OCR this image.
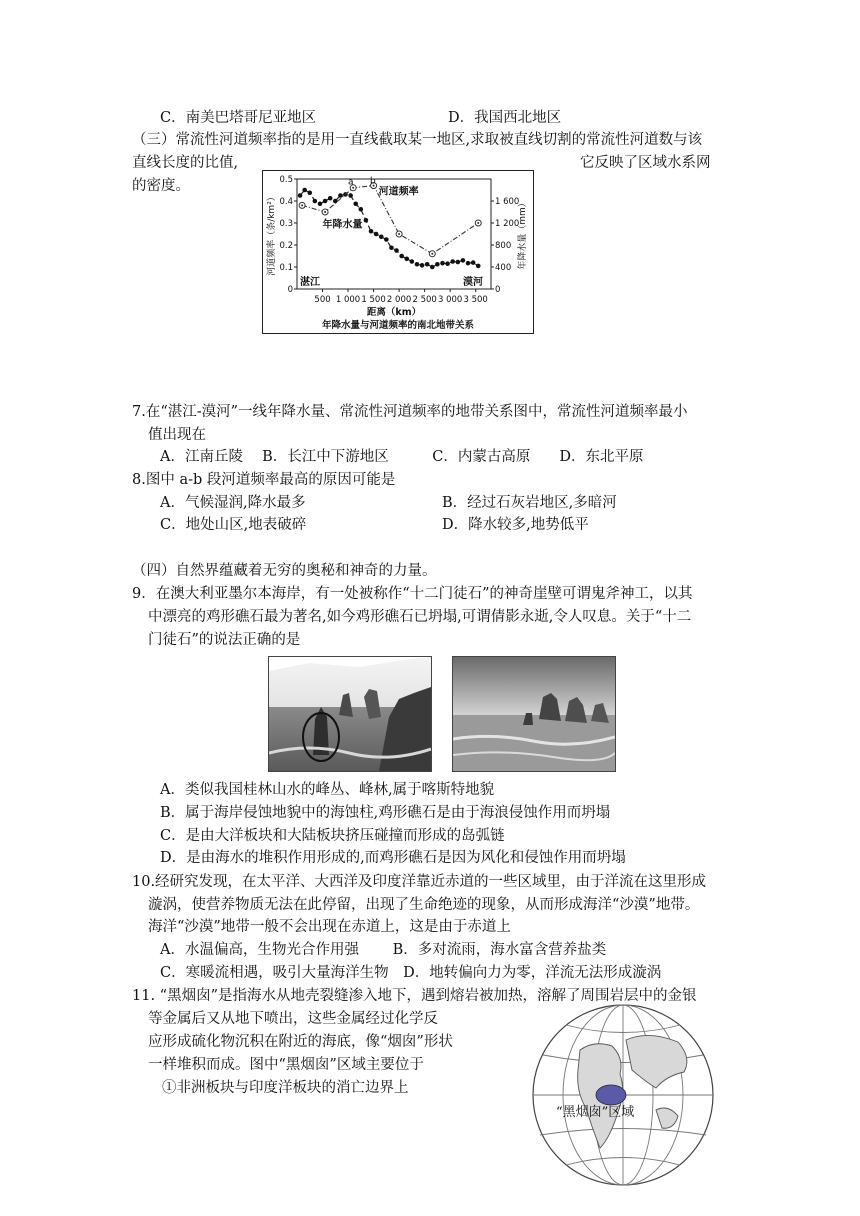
C．南美巴塔哥尼亚地区	D．我国西北地区
（三）常流性河道频率指的是用一直线截取某一地区,求取被直线切割的常流性河道数与该
直线长度的比值,	它反映了区域水系网
的密度。	0.5
0.4
0.3
0.2
0.1
0
1 600
1 200
800
400
0
500 1 000 1 500 2 000 2 500 3 000 3 500
河道频率（条/km²）	年降水量（mm）
距离（km）
年降水量与河道频率的南北地带关系
湛江	漠河
河道频率
年降水量
a b
7.在“湛江-漠河”一线年降水量、常流性河道频率的地带关系图中，常流性河道频率最小
值出现在
A．江南丘陵　 B．长江中下游地区　　　C．内蒙古高原　　D．东北平原
8.图中 a-b 段河道频率最高的原因可能是
A．气候湿润,降水最多	B．经过石灰岩地区,多暗河
C．地处山区,地表破碎	D．降水较多,地势低平
（四）自然界蕴藏着无穷的奥秘和神奇的力量。
9．在澳大利亚墨尔本海岸，有一处被称作“十二门徒石”的神奇崖壁可谓鬼斧神工，以其
中漂亮的鸡形礁石最为著名,如今鸡形礁石已坍塌,可谓倩影永逝,令人叹息。关于“十二
门徒石”的说法正确的是
A．类似我国桂林山水的峰丛、峰林,属于喀斯特地貌
B．属于海岸侵蚀地貌中的海蚀柱,鸡形礁石是由于海浪侵蚀作用而坍塌
C．是由大洋板块和大陆板块挤压碰撞而形成的岛弧链
D．是由海水的堆积作用形成的,而鸡形礁石是因为风化和侵蚀作用而坍塌
10.经研究发现，在太平洋、大西洋及印度洋靠近赤道的一些区域里，由于洋流在这里形成
漩涡，使营养物质无法在此停留，出现了生命绝迹的现象，从而形成海洋“沙漠”地带。
海洋“沙漠”地带一般不会出现在赤道上，这是由于赤道上
A．水温偏高，生物光合作用强　　 B．多对流雨，海水富含营养盐类
C．寒暖流相遇，吸引大量海洋生物　D．地转偏向力为零，洋流无法形成漩涡
11. “黑烟囱”是指海水从地壳裂缝渗入地下，遇到熔岩被加热，溶解了周围岩层中的金银
等金属后又从地下喷出，这些金属经过化学反
应形成硫化物沉积在附近的海底，像“烟囱”形状
一样堆积而成。图中“黑烟囱”区域主要位于
①非洲板块与印度洋板块的消亡边界上
“黑烟囱”区域
